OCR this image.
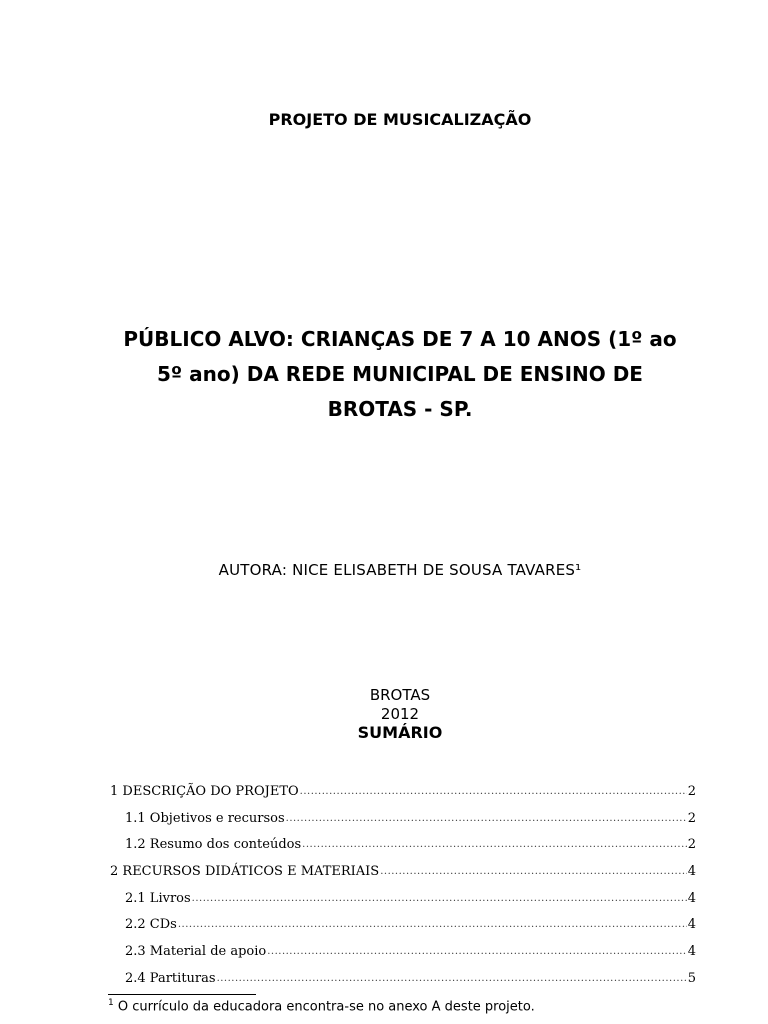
PROJETO DE MUSICALIZAÇÃO
PÚBLICO ALVO: CRIANÇAS DE 7 A 10 ANOS (1º ao
5º ano) DA REDE MUNICIPAL DE ENSINO DE
BROTAS - SP.
AUTORA: NICE ELISABETH DE SOUSA TAVARES¹
BROTAS
2012
SUMÁRIO
1 DESCRIÇÃO DO PROJETO .....	2
1.1 Objetivos e recursos .....	2
1.2 Resumo dos conteúdos .....	2
2 RECURSOS DIDÁTICOS E MATERIAIS .....	4
2.1 Livros .....	4
2.2 CDs .....	4
2.3 Material de apoio .....	4
2.4 Partituras .....	5
$^1$ O currículo da educadora encontra-se no anexo A deste projeto.
